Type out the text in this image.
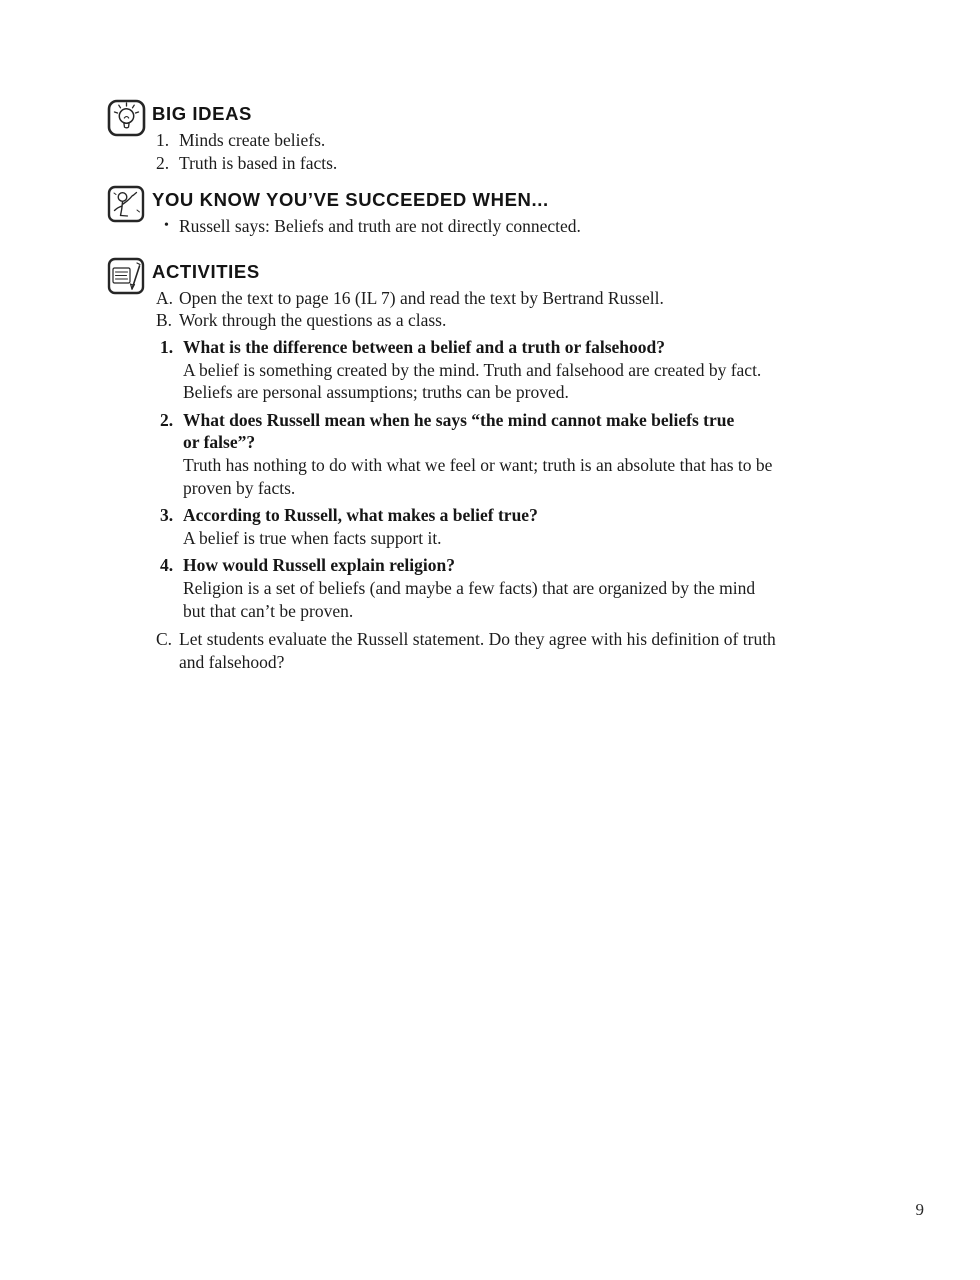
BIG IDEAS
1. Minds create beliefs.
2. Truth is based in facts.
YOU KNOW YOU’VE SUCCEEDED WHEN...
• Russell says: Beliefs and truth are not directly connected.
ACTIVITIES
A. Open the text to page 16 (IL 7) and read the text by Bertrand Russell.
B. Work through the questions as a class.
1. What is the difference between a belief and a truth or falsehood?
A belief is something created by the mind. Truth and falsehood are created by fact. Beliefs are personal assumptions; truths can be proved.
2. What does Russell mean when he says “the mind cannot make beliefs true or false”?
Truth has nothing to do with what we feel or want; truth is an absolute that has to be proven by facts.
3. According to Russell, what makes a belief true?
A belief is true when facts support it.
4. How would Russell explain religion?
Religion is a set of beliefs (and maybe a few facts) that are organized by the mind but that can’t be proven.
C. Let students evaluate the Russell statement. Do they agree with his definition of truth and falsehood?
9
